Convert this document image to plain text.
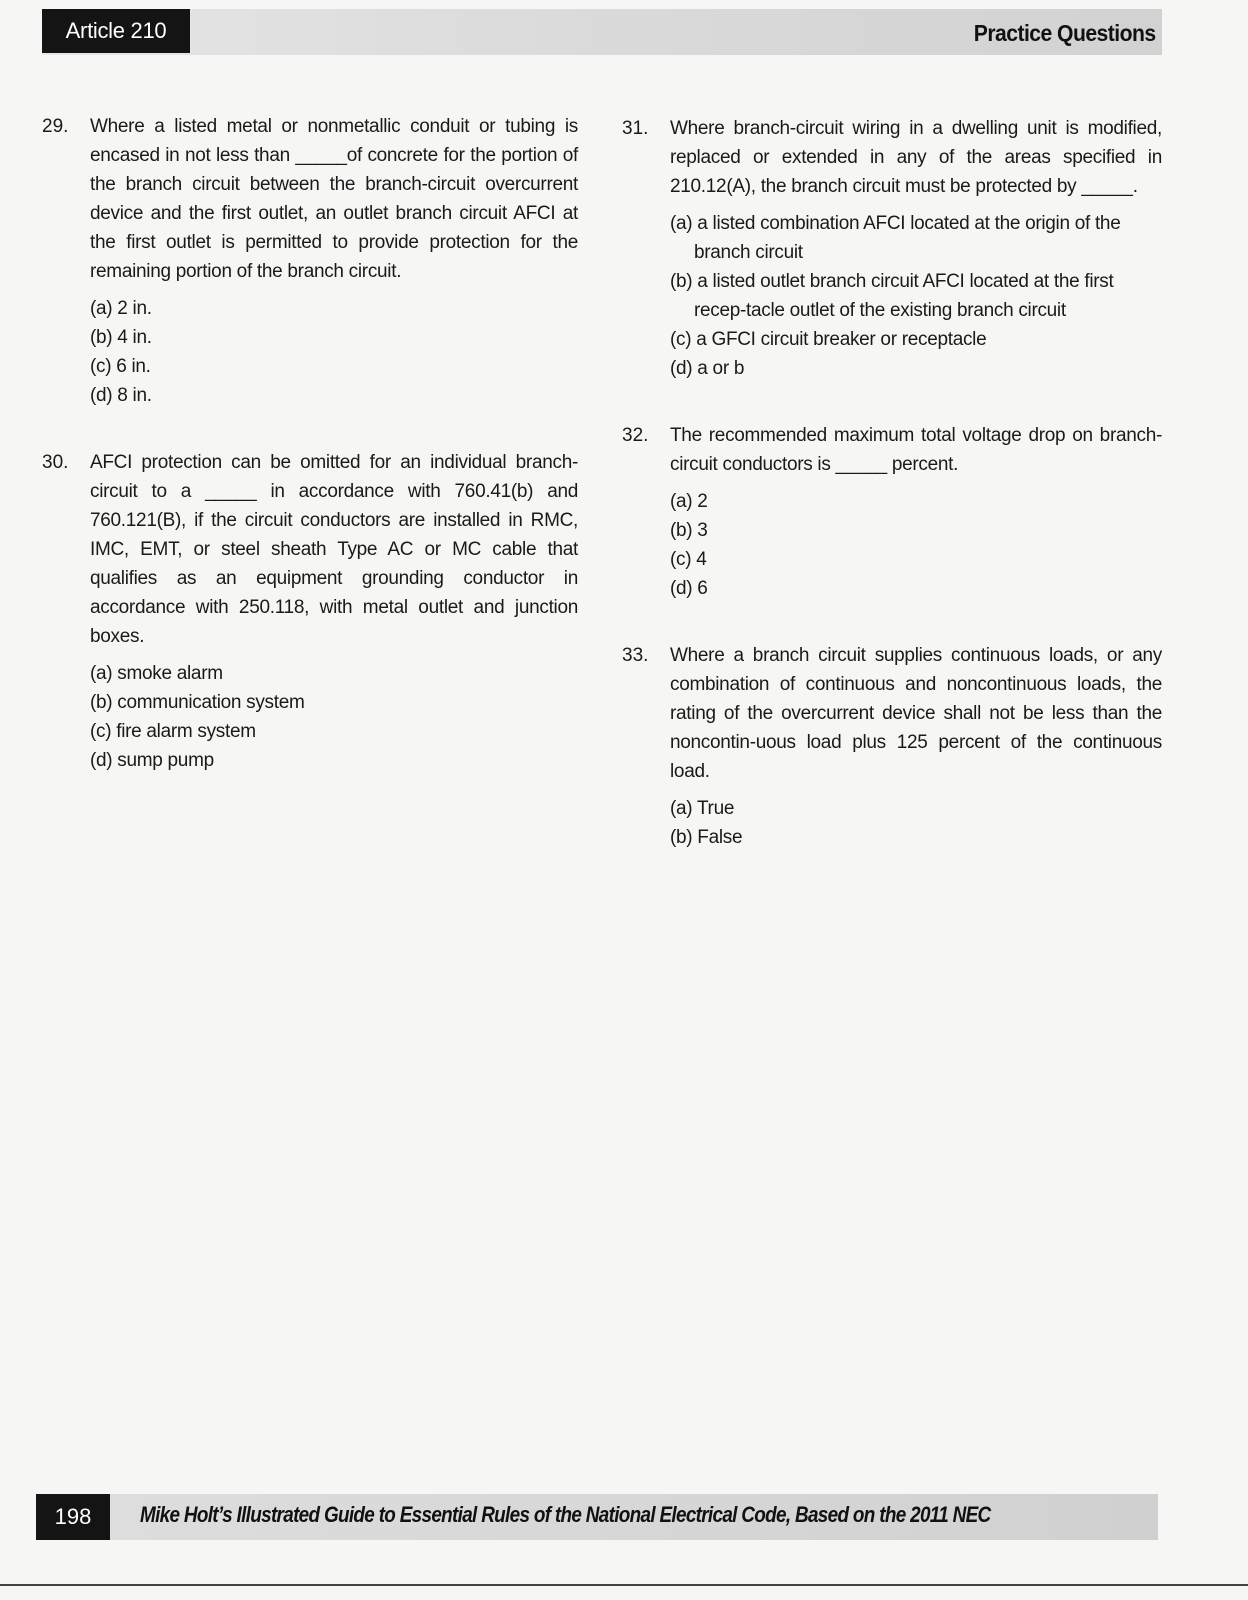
Article 210	Practice Questions
29.	Where a listed metal or nonmetallic conduit or tubing is encased in not less than _____of concrete for the portion of the branch circuit between the branch-circuit overcurrent device and the first outlet, an outlet branch circuit AFCI at the first outlet is permitted to provide protection for the remaining portion of the branch circuit.
(a) 2 in.
(b) 4 in.
(c) 6 in.
(d) 8 in.
30.	AFCI protection can be omitted for an individual branch-circuit to a _____ in accordance with 760.41(b) and 760.121(B), if the circuit conductors are installed in RMC, IMC, EMT, or steel sheath Type AC or MC cable that qualifies as an equipment grounding conductor in accordance with 250.118, with metal outlet and junction boxes.
(a) smoke alarm
(b) communication system
(c) fire alarm system
(d) sump pump
31.	Where branch-circuit wiring in a dwelling unit is modified, replaced or extended in any of the areas specified in 210.12(A), the branch circuit must be protected by _____.
(a) a listed combination AFCI located at the origin of the branch circuit
(b) a listed outlet branch circuit AFCI located at the first recep-tacle outlet of the existing branch circuit
(c) a GFCI circuit breaker or receptacle
(d) a or b
32.	The recommended maximum total voltage drop on branch-circuit conductors is _____ percent.
(a) 2
(b) 3
(c) 4
(d) 6
33.	Where a branch circuit supplies continuous loads, or any combination of continuous and noncontinuous loads, the rating of the overcurrent device shall not be less than the noncontin-uous load plus 125 percent of the continuous load.
(a) True
(b) False
198	Mike Holt’s Illustrated Guide to Essential Rules of the National Electrical Code, Based on the 2011 NEC
